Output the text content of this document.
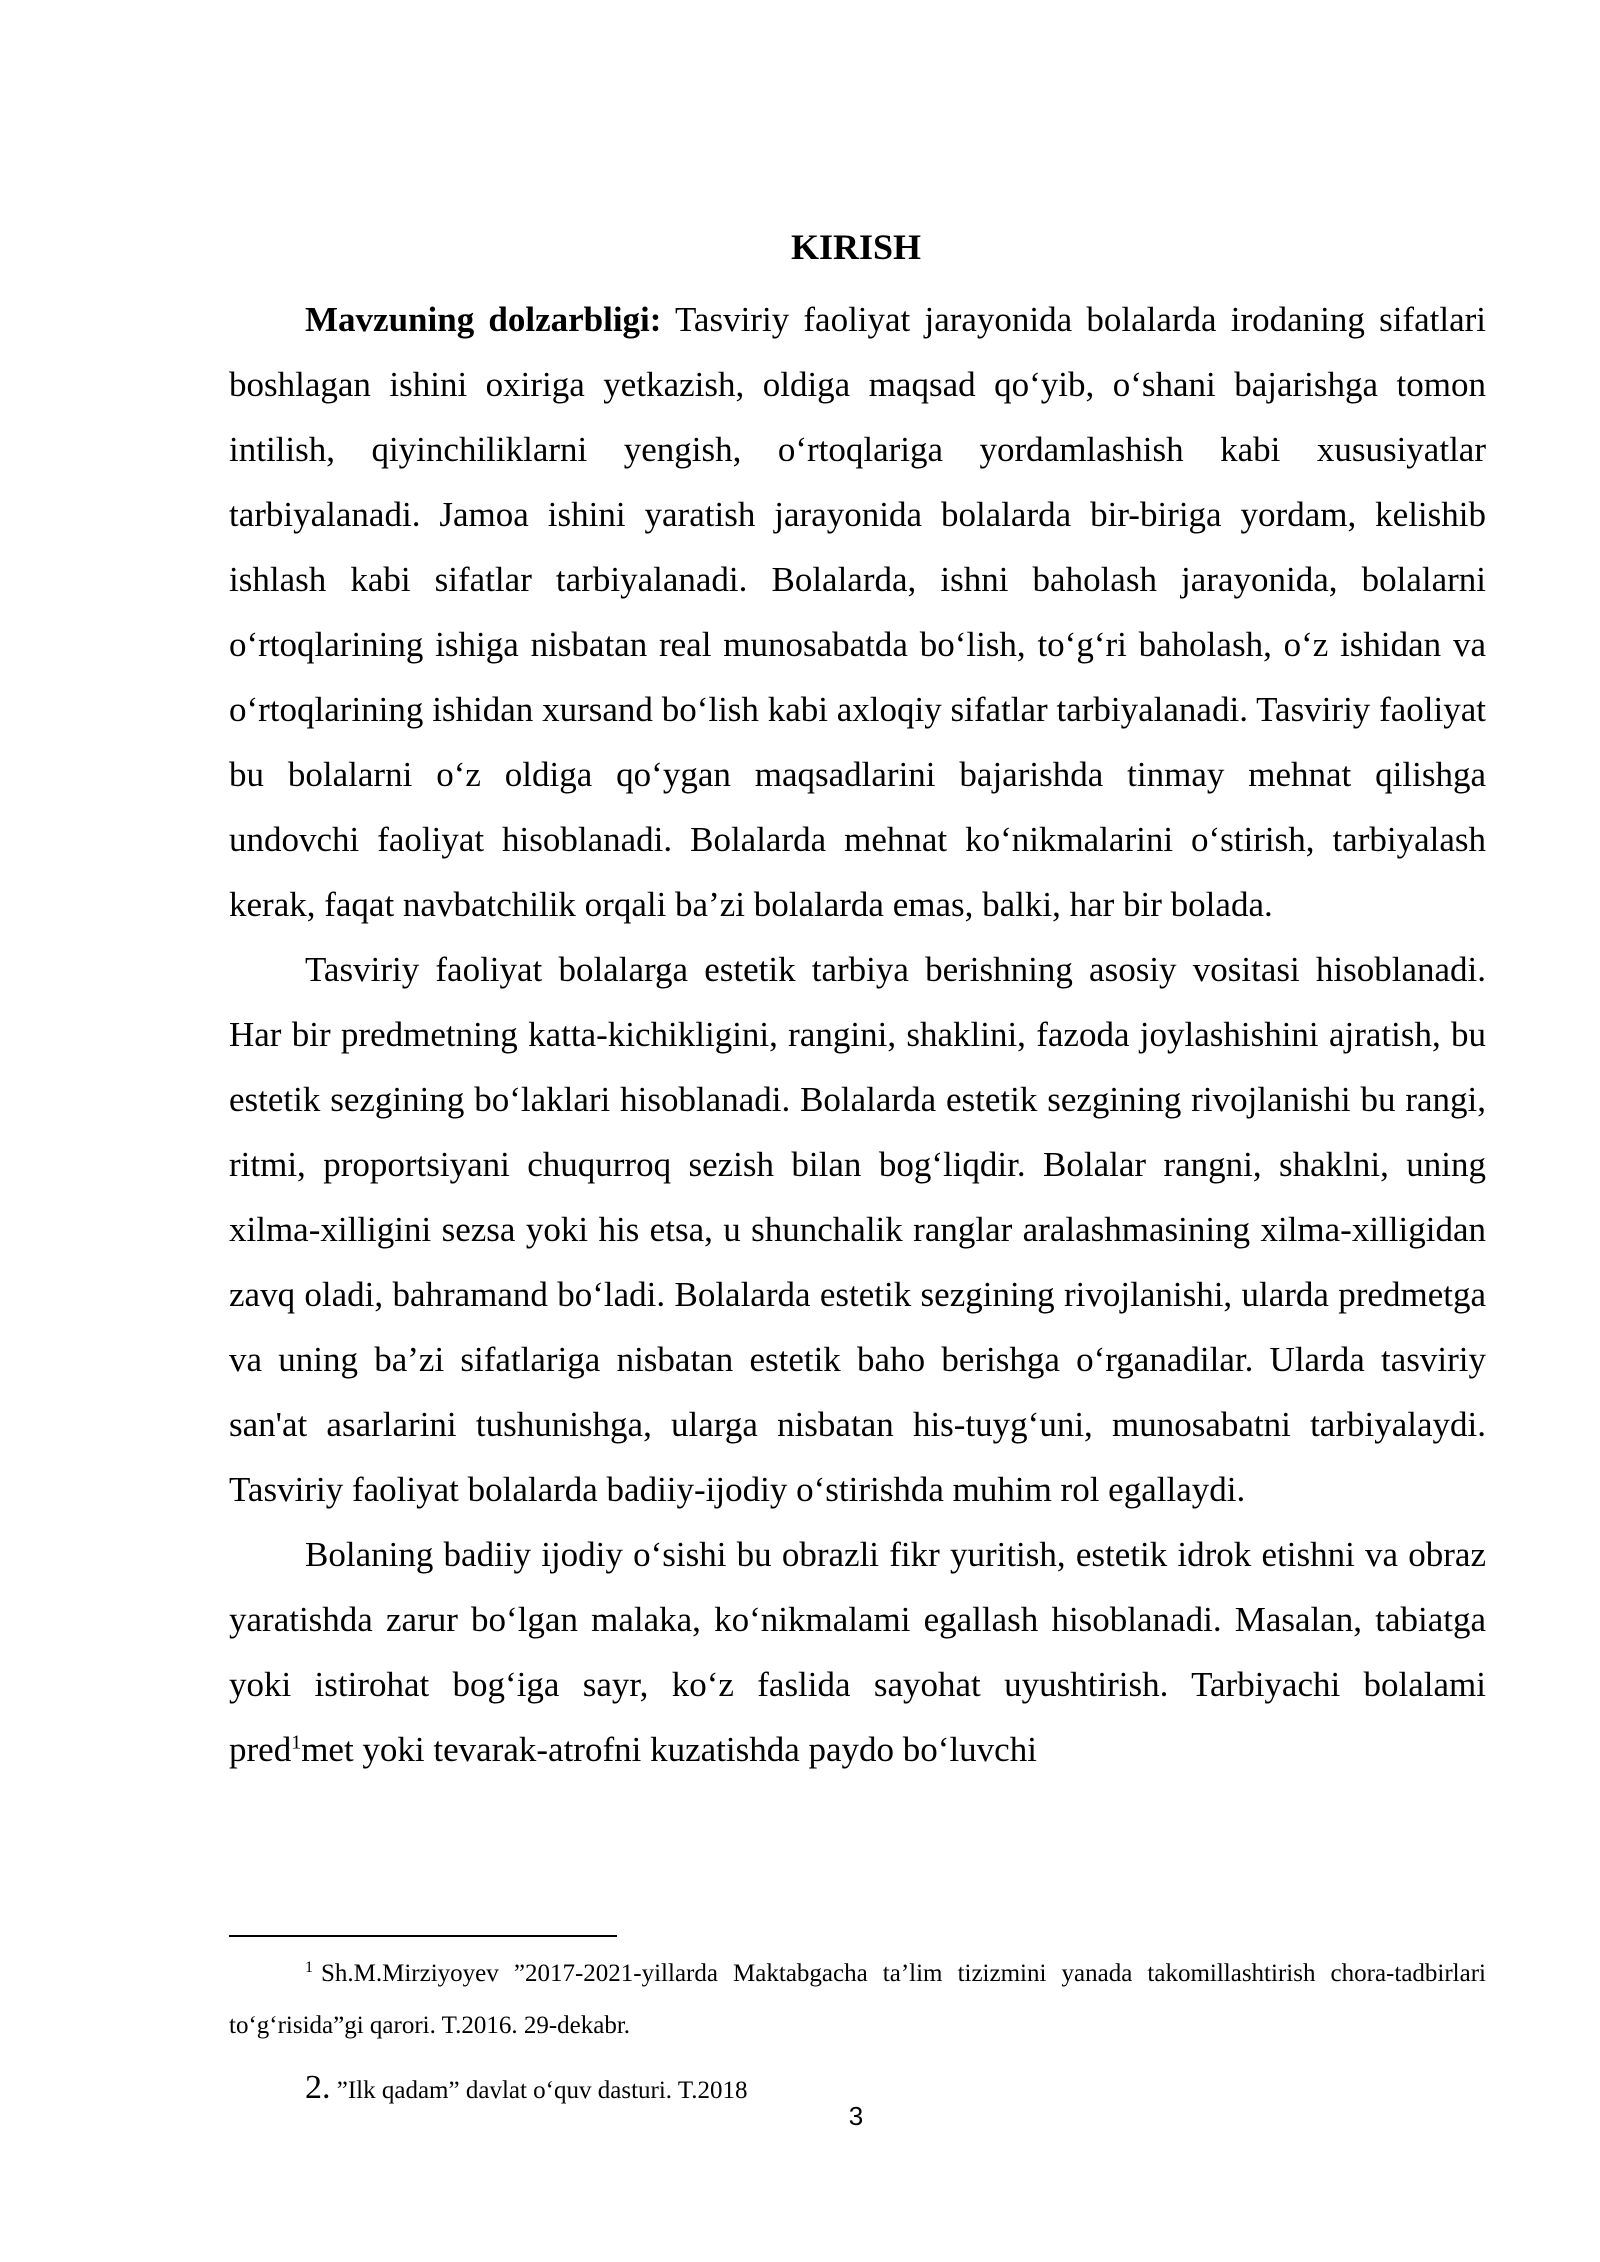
KIRISH

Mavzuning dolzarbligi: Tasviriy faoliyat jarayonida bolalarda irodaning sifatlari boshlagan ishini oxiriga yetkazish, oldiga maqsad qo‘yib, o‘shani bajarishga tomon intilish, qiyinchiliklarni yengish, o‘rtoqlariga yordamlashish kabi xususiyatlar tarbiyalanadi. Jamoa ishini yaratish jarayonida bolalarda bir-biriga yordam, kelishib ishlash kabi sifatlar tarbiyalanadi. Bolalarda, ishni baholash jarayonida, bolalarni o‘rtoqlarining ishiga nisbatan real munosabatda bo‘lish, to‘g‘ri baholash, o‘z ishidan va o‘rtoqlarining ishidan xursand bo‘lish kabi axloqiy sifatlar tarbiyalanadi. Tasviriy faoliyat bu bolalarni o‘z oldiga qo‘ygan maqsadlarini bajarishda tinmay mehnat qilishga undovchi faoliyat hisoblanadi. Bolalarda mehnat ko‘nikmalarini o‘stirish, tarbiyalash kerak, faqat navbatchilik orqali ba’zi bolalarda emas, balki, har bir bolada.

Tasviriy faoliyat bolalarga estetik tarbiya berishning asosiy vositasi hisoblanadi. Har bir predmetning katta-kichikligini, rangini, shaklini, fazoda joylashishini ajratish, bu estetik sezgining bo‘laklari hisoblanadi. Bolalarda estetik sezgining rivojlanishi bu rangi, ritmi, proportsiyani chuqurroq sezish bilan bog‘liqdir. Bolalar rangni, shaklni, uning xilma-xilligini sezsa yoki his etsa, u shunchalik ranglar aralashmasining xilma-xilligidan zavq oladi, bahramand bo‘ladi. Bolalarda estetik sezgining rivojlanishi, ularda predmetga va uning ba’zi sifatlariga nisbatan estetik baho berishga o‘rganadilar. Ularda tasviriy san'at asarlarini tushunishga, ularga nisbatan his-tuyg‘uni, munosabatni tarbiyalaydi. Tasviriy faoliyat bolalarda badiiy-ijodiy o‘stirishda muhim rol egallaydi.

Bolaning badiiy ijodiy o‘sishi bu obrazli fikr yuritish, estetik idrok etishni va obraz yaratishda zarur bo‘lgan malaka, ko‘nikmalami egallash hisoblanadi. Masalan, tabiatga yoki istirohat bog‘iga sayr, ko‘z faslida sayohat uyushtirish. Tarbiyachi bolalami pred$^1$met yoki tevarak-atrofni kuzatishda paydo bo‘luvchi

$^1$ Sh.M.Mirziyoyev ”2017-2021-yillarda Maktabgacha ta’lim tizizmini yanada takomillashtirish chora-tadbirlari to‘g‘risida”gi qarori. T.2016. 29-dekabr.

2. ”Ilk qadam” davlat o‘quv dasturi. T.2018

3
